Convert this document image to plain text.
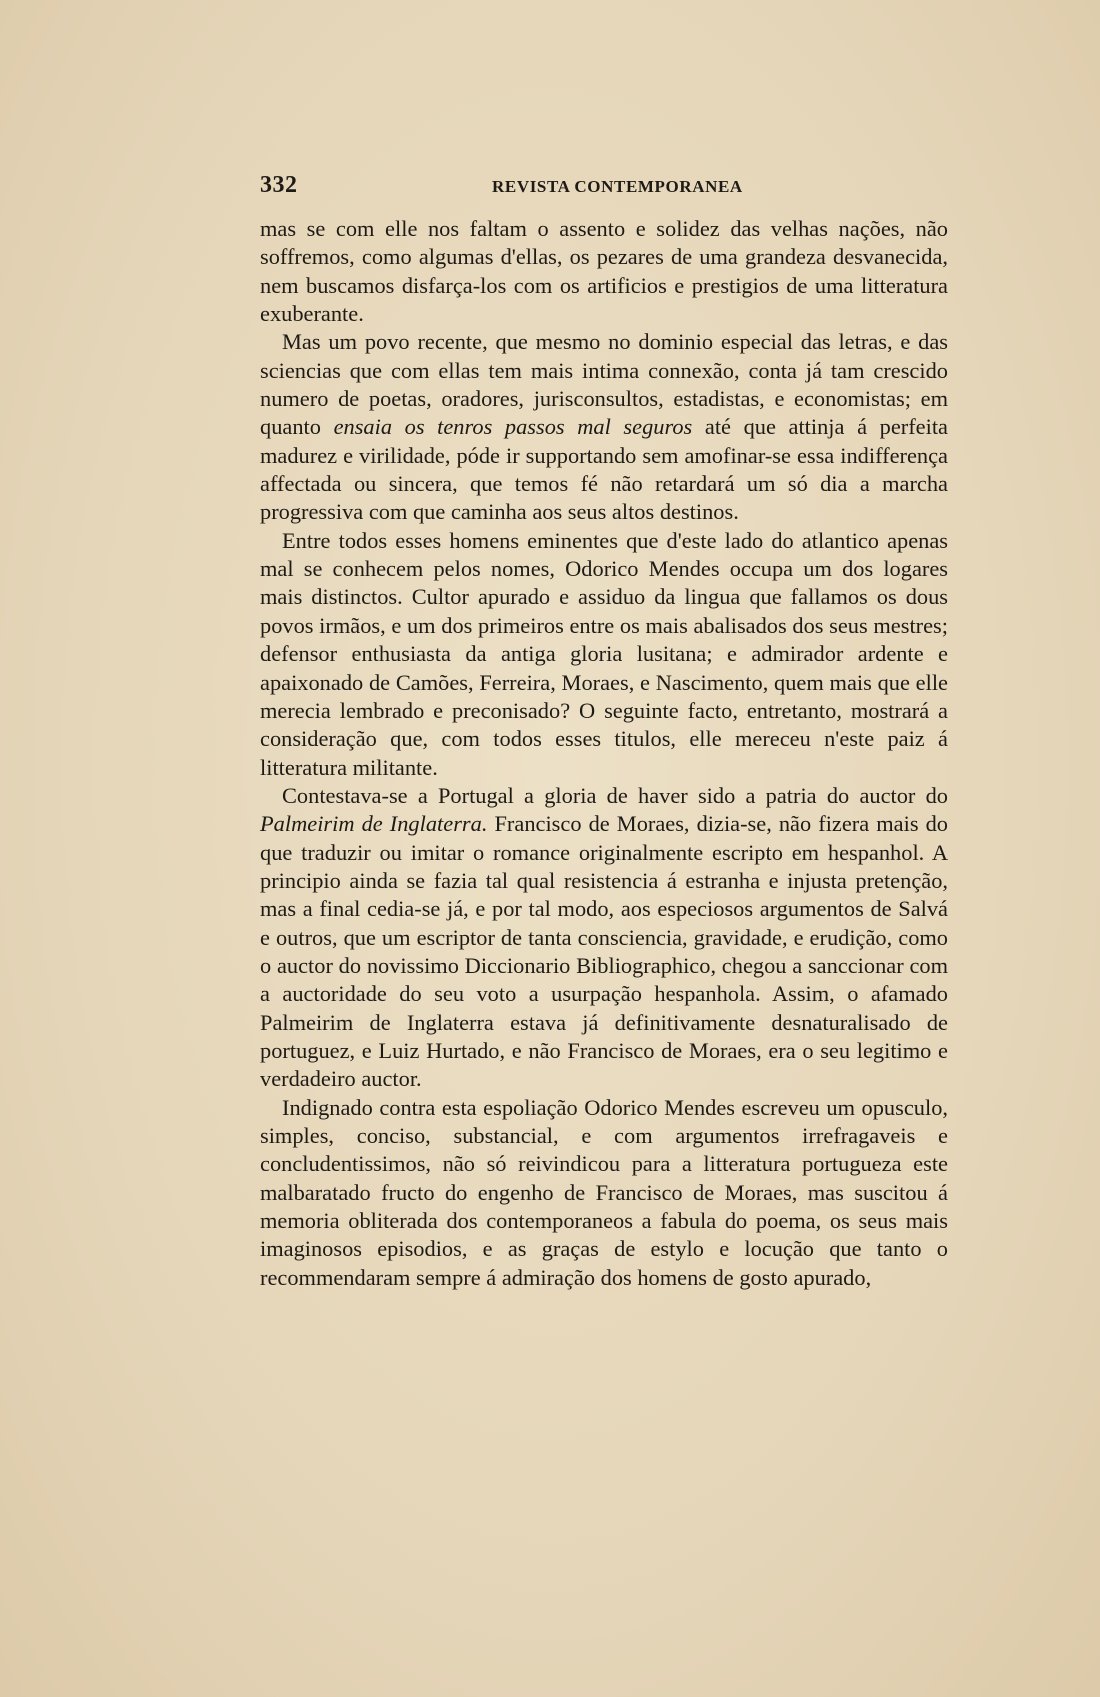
332	REVISTA CONTEMPORANEA

mas se com elle nos faltam o assento e solidez das velhas nações, não soffremos, como algumas d'ellas, os pezares de uma grandeza desvanecida, nem buscamos disfarça-los com os artificios e prestigios de uma litteratura exuberante.

Mas um povo recente, que mesmo no dominio especial das letras, e das sciencias que com ellas tem mais intima connexão, conta já tam crescido numero de poetas, oradores, jurisconsultos, estadistas, e economistas; em quanto ensaia os tenros passos mal seguros até que attinja á perfeita madurez e virilidade, póde ir supportando sem amofinar-se essa indifferença affectada ou sincera, que temos fé não retardará um só dia a marcha progressiva com que caminha aos seus altos destinos.

Entre todos esses homens eminentes que d'este lado do atlantico apenas mal se conhecem pelos nomes, Odorico Mendes occupa um dos logares mais distinctos. Cultor apurado e assiduo da lingua que fallamos os dous povos irmãos, e um dos primeiros entre os mais abalisados dos seus mestres; defensor enthusiasta da antiga gloria lusitana; e admirador ardente e apaixonado de Camões, Ferreira, Moraes, e Nascimento, quem mais que elle merecia lembrado e preconisado? O seguinte facto, entretanto, mostrará a consideração que, com todos esses titulos, elle mereceu n'este paiz á litteratura militante.

Contestava-se a Portugal a gloria de haver sido a patria do auctor do Palmeirim de Inglaterra. Francisco de Moraes, dizia-se, não fizera mais do que traduzir ou imitar o romance originalmente escripto em hespanhol. A principio ainda se fazia tal qual resistencia á estranha e injusta pretenção, mas a final cedia-se já, e por tal modo, aos especiosos argumentos de Salvá e outros, que um escriptor de tanta consciencia, gravidade, e erudição, como o auctor do novissimo Diccionario Bibliographico, chegou a sanccionar com a auctoridade do seu voto a usurpação hespanhola. Assim, o afamado Palmeirim de Inglaterra estava já definitivamente desnaturalisado de portuguez, e Luiz Hurtado, e não Francisco de Moraes, era o seu legitimo e verdadeiro auctor.

Indignado contra esta espoliação Odorico Mendes escreveu um opusculo, simples, conciso, substancial, e com argumentos irrefragaveis e concludentissimos, não só reivindicou para a litteratura portugueza este malbaratado fructo do engenho de Francisco de Moraes, mas suscitou á memoria obliterada dos contemporaneos a fabula do poema, os seus mais imaginosos episodios, e as graças de estylo e locução que tanto o recommendaram sempre á admiração dos homens de gosto apurado,
